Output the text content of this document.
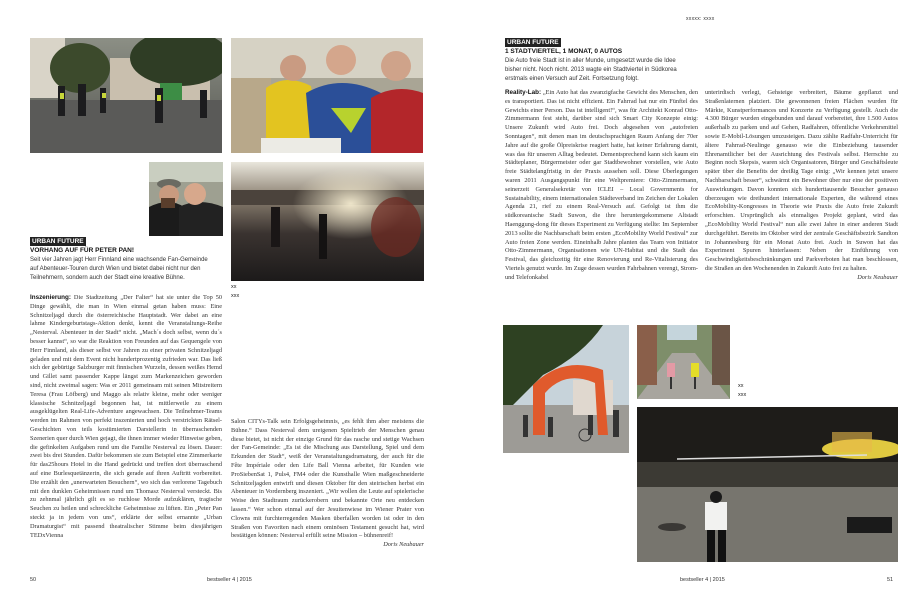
URBAN FUTURE
VORHANG AUF FÜR PETER PAN!
Seit vier Jahren jagt Herr Finnland eine wachsende Fan-Gemeinde auf Abenteuer-Touren durch Wien und bietet dabei nicht nur den Teilnehmern, sondern auch der Stadt eine kreative Bühne.
xx
xxx
Inszenierung: Die Stadtzeitung „Der Falter“ hat sie unter die Top 50 Dinge gewählt, die man in Wien einmal getan haben muss: Eine Schnitzeljagd durch die österreichische Hauptstadt. Wer dabei an eine lahme Kindergeburtstags-Aktion denkt, kennt die Veranstaltungs-Reihe „Nesterval. Abenteuer in der Stadt“ nicht. „Mach´s doch selbst, wenn du´s besser kannst“, so war die Reaktion von Freunden auf das Gequengele von Herr Finnland, als dieser selbst vor Jahren zu einer privaten Schnitzeljagd geladen und mit dem Event nicht hundertprozentig zufrieden war. Das ließ sich der gebürtige Salzburger mit finnischen Wurzeln, dessen weißes Hemd und Gillet samt passender Kappe längst zum Markenzeichen geworden sind, nicht zweimal sagen: Was er 2011 gemeinsam mit seinen Mitstreitern Teresa (Frau Löfberg) und Maggo als relativ kleine, mehr oder weniger klassische Schnitzeljagd begonnen hat, ist mittlerweile zu einem ausgeklügelten Real-Life-Adventure angewachsen. Die Teilnehmer-Teams werden im Rahmen von perfekt inszenierten und hoch verstrickten Rätsel-Geschichten von teils kostümierten Darstellerin in überraschenden Szenerien quer durch Wien gejagt, die ihnen immer wieder Hinweise geben, die gefinkelten Aufgaben rund um die Familie Nesterval zu lösen. Dauer: zwei bis drei Stunden. Dafür bekommen sie zum Beispiel eine Zimmerkarte für das25hours Hotel in die Hand gedrückt und treffen dort überraschend auf eine Burlesquetänzerin, die sich gerade auf ihren Auftritt vorbereitet. Die erzählt den „unerwarteten Besuchern“, wo sich das verlorene Tagebuch mit den dunklen Geheimnissen rund um Thomasz Nesterval versteckt. Bis zu zehnmal jährlich gilt es so ruchlose Morde aufzuklären, tragische Seuchen zu heilen und schreckliche Geheimnisse zu lüften. Ein „Peter Pan steckt ja in jedem von uns“, erklärte der selbst ernannte „Urban Dramaturgist“ mit passend theatralischer Stimme beim diesjährigen TEDxVienna
Salon CITYs-Talk sein Erfolgsgeheimnis, „es fehlt ihm aber meistens die Bühne.“ Dass Nesterval dem ureigenen Spieltrieb der Menschen genau diese bietet, ist nicht der einzige Grund für das rasche und stetige Wachsen der Fan-Gemeinde: „Es ist die Mischung aus Darstellung, Spiel und dem Erkunden der Stadt“, weiß der Veranstaltungsdramaturg, der auch für die Fête Impériale oder den Life Ball Vienna arbeitet, für Kunden wie ProSiebenSat 1, Puls4, FM4 oder die Kunsthalle Wien maßgeschneiderte Schnitzeljagden entwirft und diesen Oktober für den steirischen herbst ein Abenteuer in Vordernberg inszeniert. „Wir wollen die Leute auf spielerische Weise den Stadtraum zurückerobern und bekannte Orte neu entdecken lassen.“ Wer schon einmal auf der Jesuitenwiese im Wiener Prater von Clowns mit furchterregenden Masken überfallen worden ist oder in den Straßen von Favoriten nach einem ominösen Testament gesucht hat, wird bestätigen können: Nesterval erfüllt seine Mission – bühnenreif!
Doris Neubauer
50	bestseller 4 | 2015
xxxxx: xxxx
URBAN FUTURE
1 STADTVIERTEL, 1 MONAT, 0 AUTOS
Die Auto freie Stadt ist in aller Munde, umgesetzt wurde die Idee bisher nicht. Noch nicht. 2013 wagte ein Stadtviertel in Südkorea erstmals einen Versuch auf Zeit. Fortsetzung folgt.
Reality-Lab: „Ein Auto hat das zwanzigfache Gewicht des Menschen, den es transportiert. Das ist nicht effizient. Ein Fahrrad hat nur ein Fünftel des Gewichts einer Person. Das ist intelligent!“, was für Architekt Konrad Otto-Zimmermann fest steht, darüber sind sich Smart City Konzepte einig: Unsere Zukunft wird Auto frei. Doch abgesehen von „autofreien Sonntagen“, mit denen man im deutschsprachigen Raum Anfang der 70er Jahre auf die große Ölpreiskrise reagiert hatte, hat keiner Erfahrung damit, was das für unseren Alltag bedeutet. Dementsprechend kann sich kaum ein Städteplaner, Bürgermeister oder gar Stadtbewohner vorstellen, wie Auto freie Städtelangfristig in der Praxis aussehen soll. Diese Überlegungen waren 2011 Ausgangspunkt für eine Weltpremiere: Otto-Zimmermann, seinerzeit Generalsekretär von ICLEI – Local Governments for Sustainability, einem internationalen Städteverband im Zeichen der Lokalen Agenda 21, rief zu einem Real-Versuch auf. Gefolgt ist ihm die südkoreanische Stadt Suwon, die ihre heruntergekommene Altstadt Haenggung-dong für dieses Experiment zu Verfügung stellte: Im September 2013 sollte die Nachbarschaft beim ersten „EcoMobility World Festival“ zur Auto freien Zone werden. Eineinhalb Jahre planten das Team von Initiator Otto-Zimmermann, Organisationen wie UN-Habitat und die Stadt das Festival, das gleichzeitig für eine Renovierung und Re-Vitalisierung des Viertels genutzt wurde. Im Zuge dessen wurden Fahrbahnen verengt, Strom- und Telefonkabel
unterirdisch verlegt, Gehsteige verbreitert, Bäume gepflanzt und Straßenlaternen platziert. Die gewonnenen freien Flächen wurden für Märkte, Kunstperformances und Konzerte zu Verfügung gestellt. Auch die 4.300 Bürger wurden eingebunden und darauf vorbereitet, ihre 1.500 Autos außerhalb zu parken und auf Gehen, Radfahren, öffentliche Verkehrsmittel sowie E-Mobil-Lösungen umzusteigen. Dazu zählte Radfahr-Unterricht für ältere Fahrrad-Neulinge genauso wie die Einbeziehung tausender Ehrenamtlicher bei der Ausrichtung des Festivals selbst. Herrschte zu Beginn noch Skepsis, waren sich Organisatoren, Bürger und Geschäftsleute später über die Benefits der dreißig Tage einig: „Wir kennen jetzt unsere Nachbarschaft besser“, schwärmt ein Bewohner über nur eine der positiven Auswirkungen. Davon konnten sich hunderttausende Besucher genauso überzeugen wie dreihundert internationale Experten, die während eines EcoMobility-Kongresses in Theorie wie Praxis die Auto freie Zukunft erforschten. Ursprünglich als einmaliges Projekt geplant, wird das „EcoMobility World Festival“ nun alle zwei Jahre in einer anderen Stadt durchgeführt. Bereits im Oktober wird der zentrale Geschäftsbezirk Sandton in Johannesburg für ein Monat Auto frei. Auch in Suwon hat das Experiment Spuren hinterlassen: Neben der Einführung von Geschwindigkeitsbeschränkungen und Parkverboten hat man beschlossen, die Straßen an den Wochenenden in Zukunft Auto frei zu halten.
Doris Neubauer
xx
xxx
bestseller 4 | 2015	51
